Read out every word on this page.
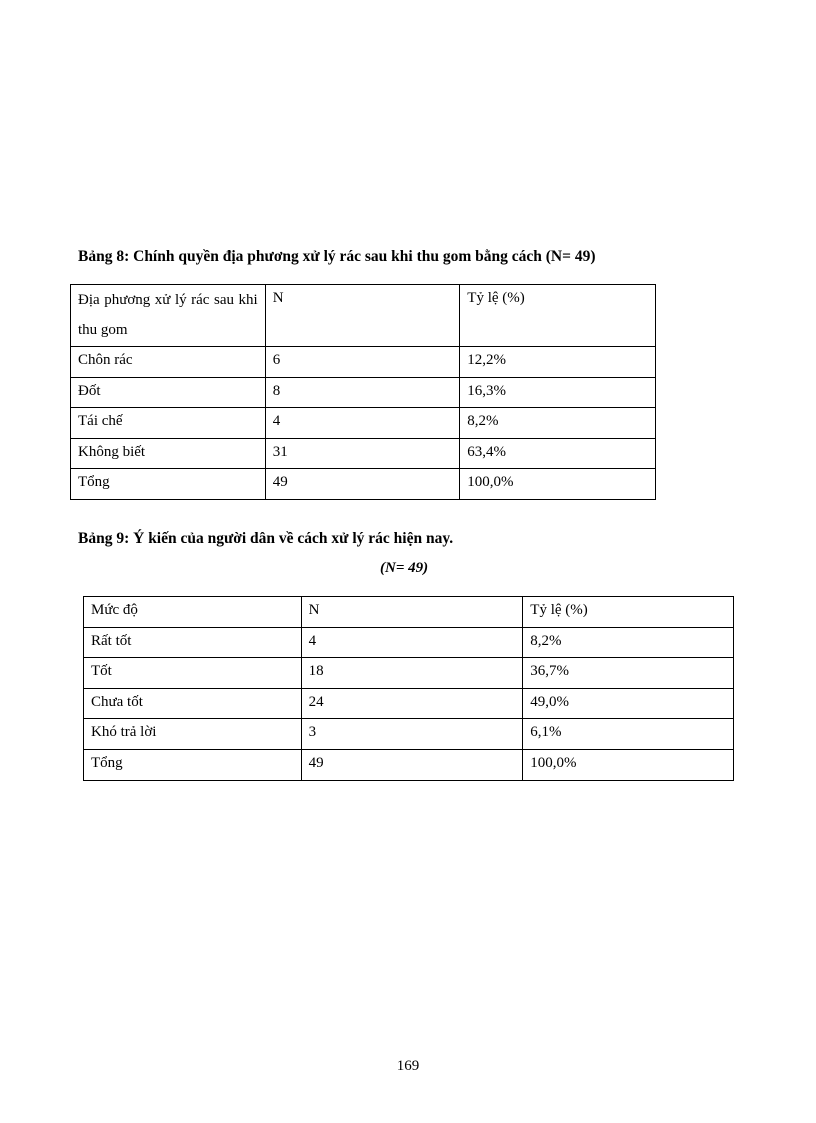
Bảng 8: Chính quyền địa phương xử lý rác sau khi thu gom bằng cách (N= 49)
Địa phương xử lý rác sau khi thu gom	N	Tỷ lệ (%)
Chôn rác	6	12,2%
Đốt	8	16,3%
Tái chế	4	8,2%
Không biết	31	63,4%
Tổng	49	100,0%
Bảng 9: Ý kiến của người dân về cách xử lý rác hiện nay.
(N= 49)
Mức độ	N	Tỷ lệ (%)
Rất tốt	4	8,2%
Tốt	18	36,7%
Chưa tốt	24	49,0%
Khó trả lời	3	6,1%
Tổng	49	100,0%
169
